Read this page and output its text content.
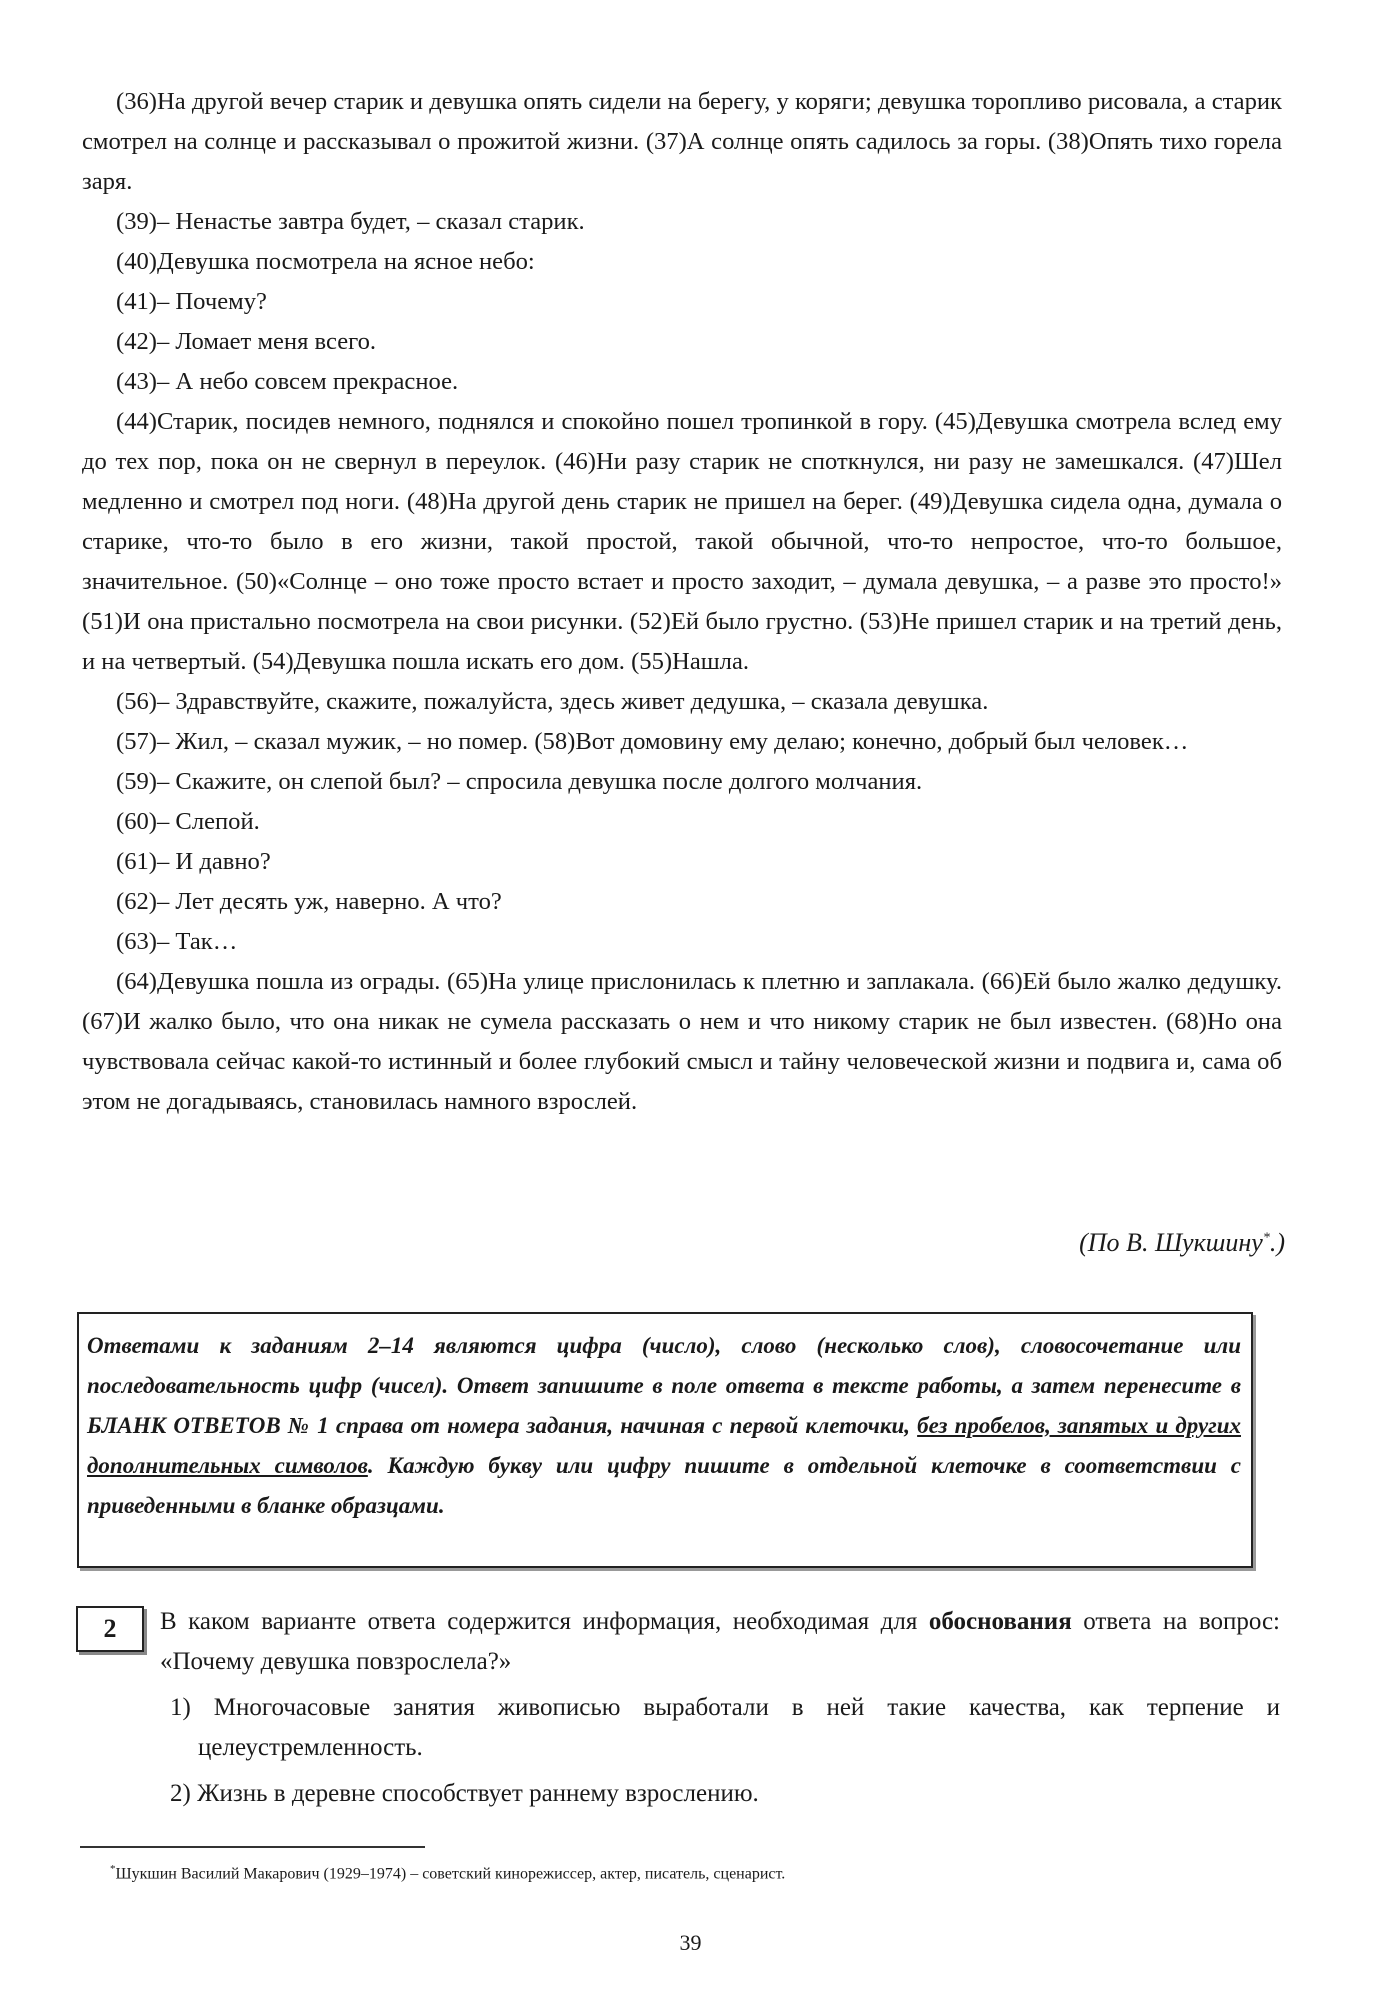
(36)На другой вечер старик и девушка опять сидели на берегу, у коряги; девушка торопливо рисовала, а старик смотрел на солнце и рассказывал о прожитой жизни. (37)А солнце опять садилось за горы. (38)Опять тихо горела заря.

(39)– Ненастье завтра будет, – сказал старик.

(40)Девушка посмотрела на ясное небо:

(41)– Почему?

(42)– Ломает меня всего.

(43)– А небо совсем прекрасное.

(44)Старик, посидев немного, поднялся и спокойно пошел тропинкой в гору. (45)Девушка смотрела вслед ему до тех пор, пока он не свернул в переулок. (46)Ни разу старик не споткнулся, ни разу не замешкался. (47)Шел медленно и смотрел под ноги. (48)На другой день старик не пришел на берег. (49)Девушка сидела одна, думала о старике, что-то было в его жизни, такой простой, такой обычной, что-то непростое, что-то большое, значительное. (50)«Солнце – оно тоже просто встает и просто заходит, – думала девушка, – а разве это просто!» (51)И она пристально посмотрела на свои рисунки. (52)Ей было грустно. (53)Не пришел старик и на третий день, и на четвертый. (54)Девушка пошла искать его дом. (55)Нашла.

(56)– Здравствуйте, скажите, пожалуйста, здесь живет дедушка, – сказала девушка.

(57)– Жил, – сказал мужик, – но помер. (58)Вот домовину ему делаю; конечно, добрый был человек…

(59)– Скажите, он слепой был? – спросила девушка после долгого молчания.

(60)– Слепой.

(61)– И давно?

(62)– Лет десять уж, наверно. А что?

(63)– Так…

(64)Девушка пошла из ограды. (65)На улице прислонилась к плетню и заплакала. (66)Ей было жалко дедушку. (67)И жалко было, что она никак не сумела рассказать о нем и что никому старик не был известен. (68)Но она чувствовала сейчас какой-то истинный и более глубокий смысл и тайну человеческой жизни и подвига и, сама об этом не догадываясь, становилась намного взрослей.

(По В. Шукшину*.)
Ответами к заданиям 2–14 являются цифра (число), слово (несколько слов), словосочетание или последовательность цифр (чисел). Ответ запишите в поле ответа в тексте работы, а затем перенесите в БЛАНК ОТВЕТОВ № 1 справа от номера задания, начиная с первой клеточки, без пробелов, запятых и других дополнительных символов. Каждую букву или цифру пишите в отдельной клеточке в соответствии с приведенными в бланке образцами.
2	В каком варианте ответа содержится информация, необходимая для обоснования ответа на вопрос: «Почему девушка повзрослела?»

1) Многочасовые занятия живописью выработали в ней такие качества, как терпение и целеустремленность.

2) Жизнь в деревне способствует раннему взрослению.

*Шукшин Василий Макарович (1929–1974) – советский кинорежиссер, актер, писатель, сценарист.
39
